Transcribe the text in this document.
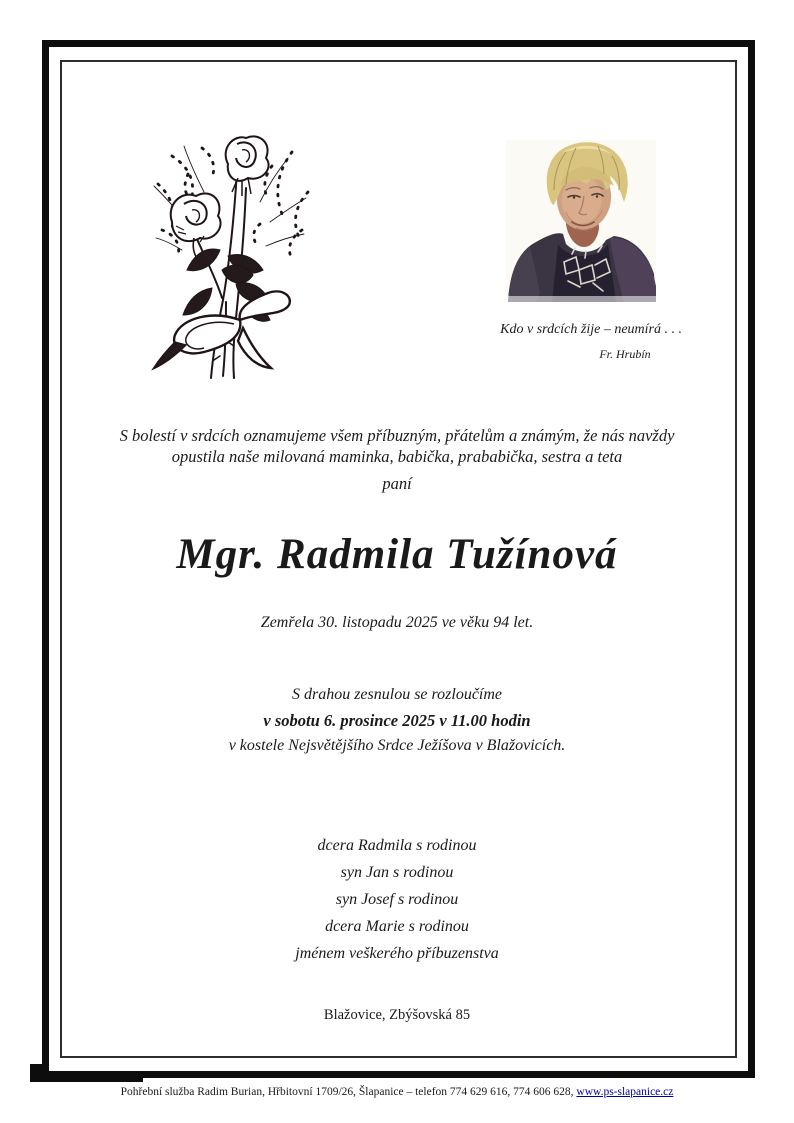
Kdo v srdcích žije – neumírá . . .
Fr. Hrubín
S bolestí v srdcích oznamujeme všem příbuzným, přátelům a známým, že nás navždy
opustila naše milovaná maminka, babička, prababička, sestra a teta
paní
Mgr. Radmila Tužínová
Zemřela 30. listopadu 2025 ve věku 94 let.
S drahou zesnulou se rozloučíme
v sobotu 6. prosince 2025 v 11.00 hodin
v kostele Nejsvětějšího Srdce Ježíšova v Blažovicích.
dcera Radmila s rodinou
syn Jan s rodinou
syn Josef s rodinou
dcera Marie s rodinou
jménem veškerého příbuzenstva
Blažovice, Zbýšovská 85
Pohřební služba Radim Burian, Hřbitovní 1709/26, Šlapanice – telefon 774 629 616, 774 606 628, www.ps-slapanice.cz
